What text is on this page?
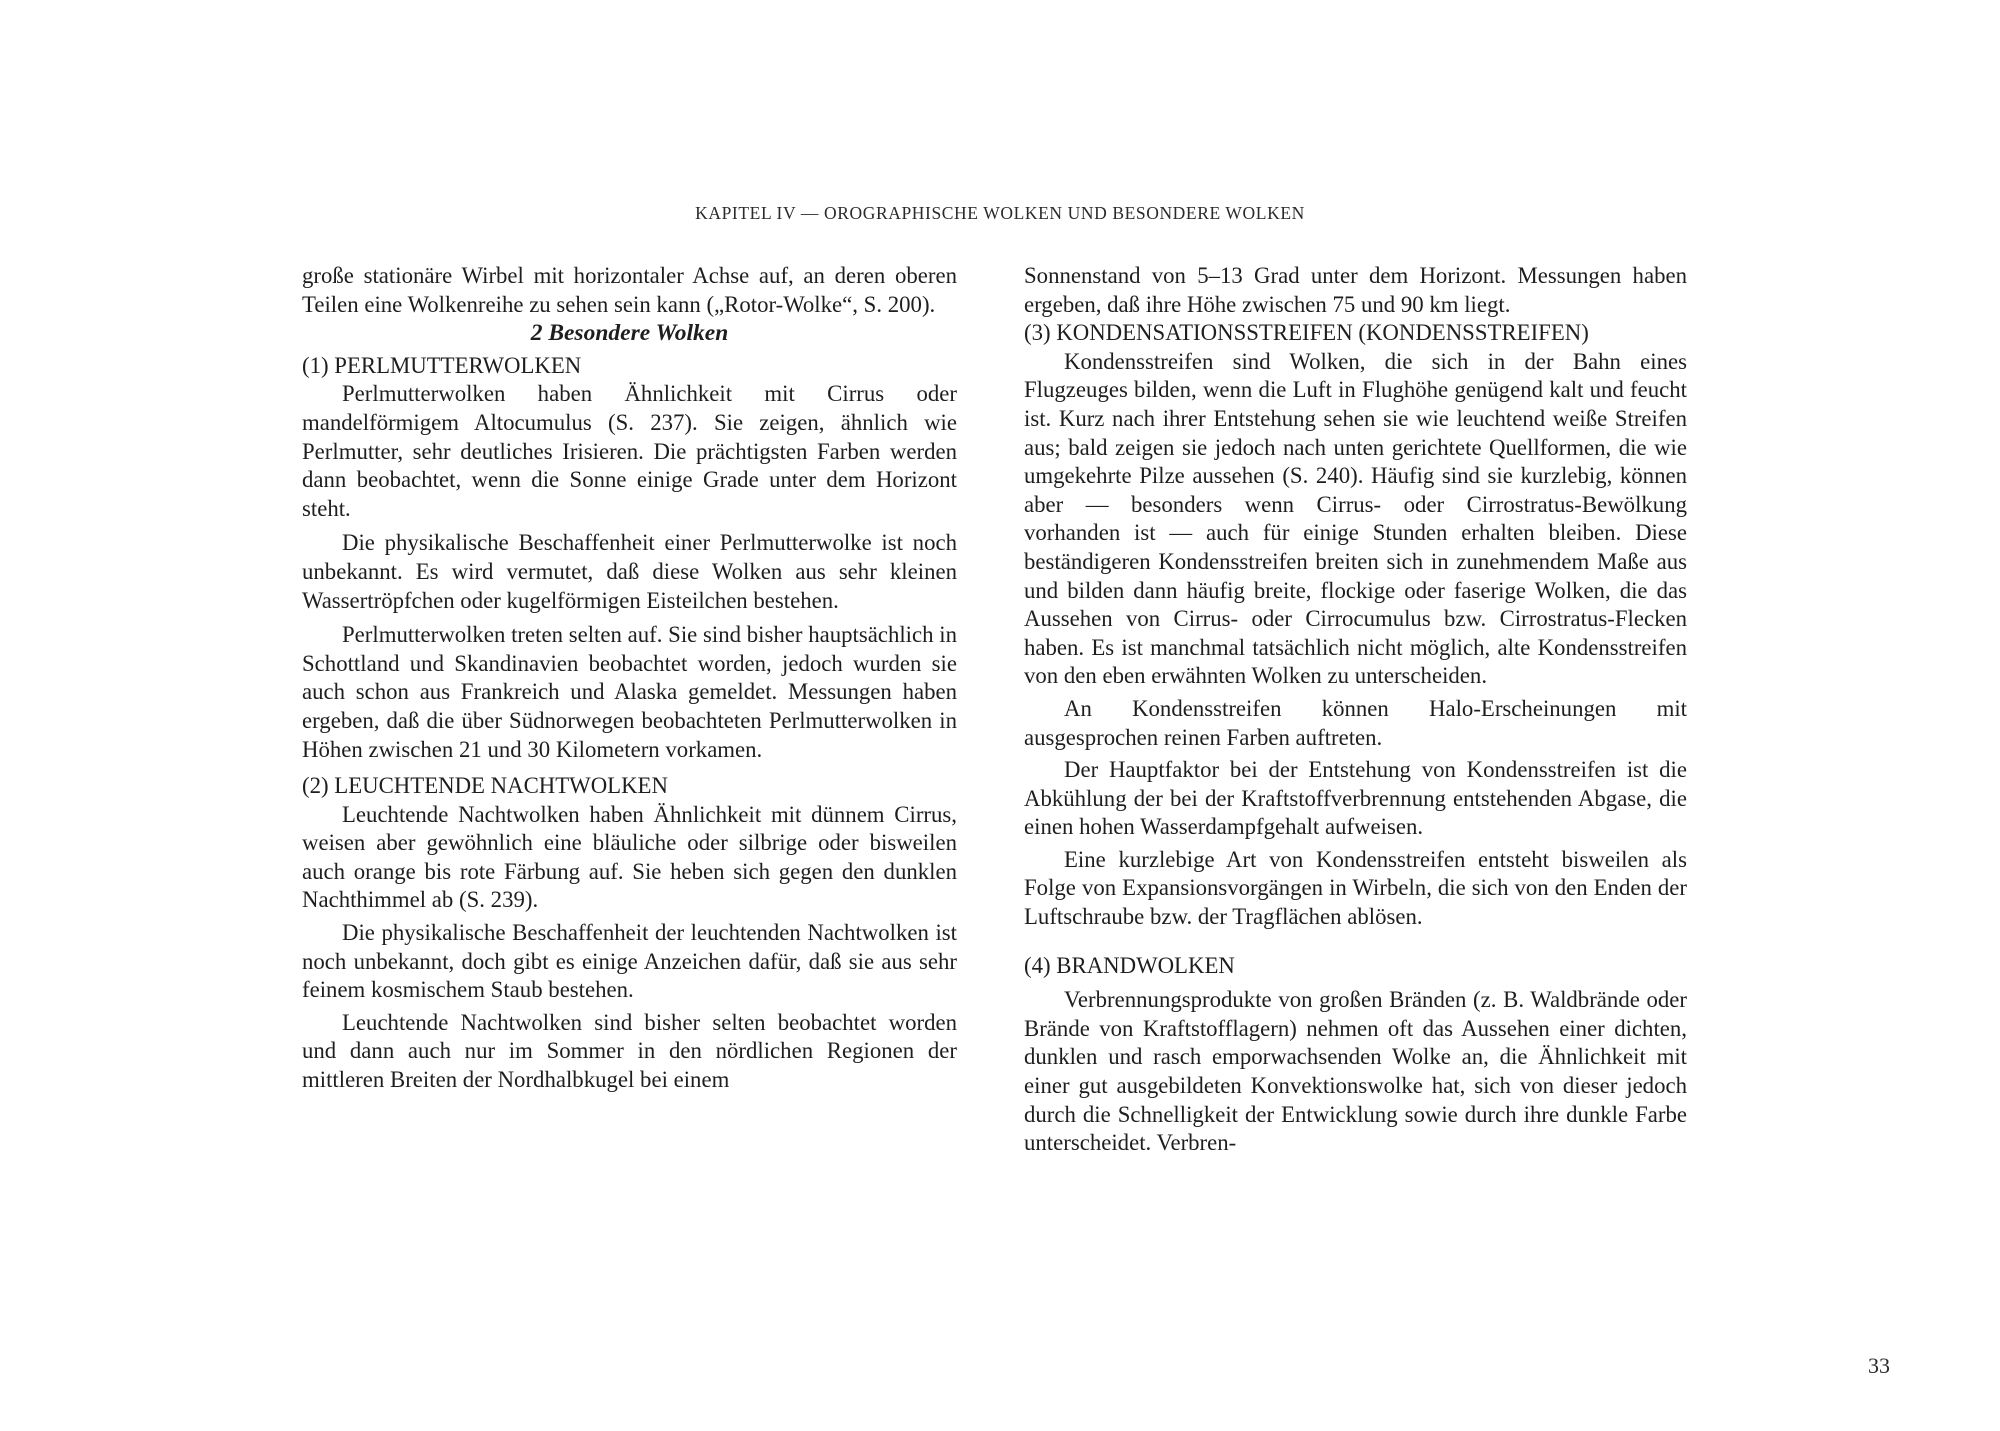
KAPITEL IV — OROGRAPHISCHE WOLKEN UND BESONDERE WOLKEN

große stationäre Wirbel mit horizontaler Achse auf, an deren oberen Teilen eine Wolkenreihe zu sehen sein kann („Rotor-Wolke“, S. 200).

2 Besondere Wolken

(1) PERLMUTTERWOLKEN

Perlmutterwolken haben Ähnlichkeit mit Cirrus oder mandelförmigem Altocumulus (S. 237). Sie zeigen, ähnlich wie Perlmutter, sehr deutliches Irisieren. Die prächtigsten Farben werden dann beobachtet, wenn die Sonne einige Grade unter dem Horizont steht.

Die physikalische Beschaffenheit einer Perlmutterwolke ist noch unbekannt. Es wird vermutet, daß diese Wolken aus sehr kleinen Wassertröpfchen oder kugelförmigen Eisteilchen bestehen.

Perlmutterwolken treten selten auf. Sie sind bisher hauptsächlich in Schottland und Skandinavien beobachtet worden, jedoch wurden sie auch schon aus Frankreich und Alaska gemeldet. Messungen haben ergeben, daß die über Südnorwegen beobachteten Perlmutterwolken in Höhen zwischen 21 und 30 Kilometern vorkamen.

(2) LEUCHTENDE NACHTWOLKEN

Leuchtende Nachtwolken haben Ähnlichkeit mit dünnem Cirrus, weisen aber gewöhnlich eine bläuliche oder silbrige oder bisweilen auch orange bis rote Färbung auf. Sie heben sich gegen den dunklen Nachthimmel ab (S. 239).

Die physikalische Beschaffenheit der leuchtenden Nachtwolken ist noch unbekannt, doch gibt es einige Anzeichen dafür, daß sie aus sehr feinem kosmischem Staub bestehen.

Leuchtende Nachtwolken sind bisher selten beobachtet worden und dann auch nur im Sommer in den nördlichen Regionen der mittleren Breiten der Nordhalbkugel bei einem

Sonnenstand von 5–13 Grad unter dem Horizont. Messungen haben ergeben, daß ihre Höhe zwischen 75 und 90 km liegt.

(3) KONDENSATIONSSTREIFEN (KONDENSSTREIFEN)

Kondensstreifen sind Wolken, die sich in der Bahn eines Flugzeuges bilden, wenn die Luft in Flughöhe genügend kalt und feucht ist. Kurz nach ihrer Entstehung sehen sie wie leuchtend weiße Streifen aus; bald zeigen sie jedoch nach unten gerichtete Quellformen, die wie umgekehrte Pilze aussehen (S. 240). Häufig sind sie kurzlebig, können aber — besonders wenn Cirrus- oder Cirrostratus-Bewölkung vorhanden ist — auch für einige Stunden erhalten bleiben. Diese beständigeren Kondensstreifen breiten sich in zunehmendem Maße aus und bilden dann häufig breite, flockige oder faserige Wolken, die das Aussehen von Cirrus- oder Cirrocumulus bzw. Cirrostratus-Flecken haben. Es ist manchmal tatsächlich nicht möglich, alte Kondensstreifen von den eben erwähnten Wolken zu unterscheiden.

An Kondensstreifen können Halo-Erscheinungen mit ausgesprochen reinen Farben auftreten.

Der Hauptfaktor bei der Entstehung von Kondensstreifen ist die Abkühlung der bei der Kraftstoffverbrennung entstehenden Abgase, die einen hohen Wasserdampfgehalt aufweisen.

Eine kurzlebige Art von Kondensstreifen entsteht bisweilen als Folge von Expansionsvorgängen in Wirbeln, die sich von den Enden der Luftschraube bzw. der Tragflächen ablösen.

(4) BRANDWOLKEN

Verbrennungsprodukte von großen Bränden (z. B. Waldbrände oder Brände von Kraftstofflagern) nehmen oft das Aussehen einer dichten, dunklen und rasch emporwachsenden Wolke an, die Ähnlichkeit mit einer gut ausgebildeten Konvektionswolke hat, sich von dieser jedoch durch die Schnelligkeit der Entwicklung sowie durch ihre dunkle Farbe unterscheidet. Verbren-

33
